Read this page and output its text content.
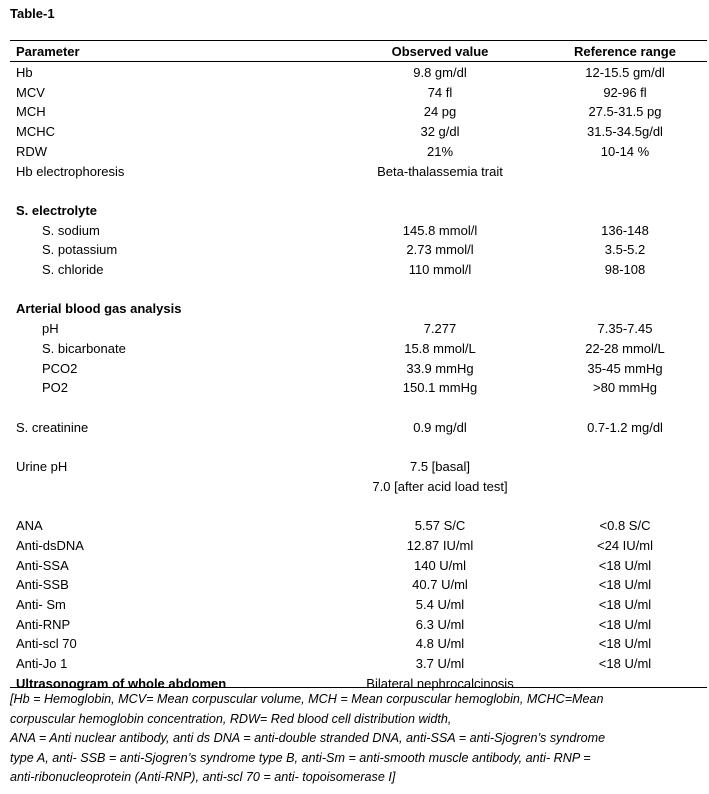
Table-1
Parameter	Observed value	Reference range
Hb	9.8 gm/dl	12-15.5 gm/dl
MCV	74 fl	92-96 fl
MCH	24 pg	27.5-31.5 pg
MCHC	32 g/dl	31.5-34.5g/dl
RDW	21%	10-14 %
Hb electrophoresis	Beta-thalassemia trait
S. electrolyte
S. sodium	145.8 mmol/l	136-148
S. potassium	2.73 mmol/l	3.5-5.2
S. chloride	110 mmol/l	98-108
Arterial blood gas analysis
pH	7.277	7.35-7.45
S. bicarbonate	15.8 mmol/L	22-28 mmol/L
PCO2	33.9 mmHg	35-45 mmHg
PO2	150.1 mmHg	>80 mmHg
S. creatinine	0.9 mg/dl	0.7-1.2 mg/dl
Urine pH	7.5 [basal]
7.0 [after acid load test]
ANA	5.57 S/C	<0.8 S/C
Anti-dsDNA	12.87 IU/ml	<24 IU/ml
Anti-SSA	140 U/ml	<18 U/ml
Anti-SSB	40.7 U/ml	<18 U/ml
Anti- Sm	5.4 U/ml	<18 U/ml
Anti-RNP	6.3 U/ml	<18 U/ml
Anti-scl 70	4.8 U/ml	<18 U/ml
Anti-Jo 1	3.7 U/ml	<18 U/ml
Ultrasonogram of whole abdomen	Bilateral nephrocalcinosis
[Hb = Hemoglobin, MCV= Mean corpuscular volume, MCH = Mean corpuscular hemoglobin, MCHC=Mean
corpuscular hemoglobin concentration, RDW= Red blood cell distribution width,
ANA = Anti nuclear antibody, anti ds DNA = anti-double stranded DNA, anti-SSA = anti-Sjogren’s syndrome
type A, anti- SSB = anti-Sjogren’s syndrome type B, anti-Sm = anti-smooth muscle antibody, anti- RNP =
anti-ribonucleoprotein (Anti-RNP), anti-scl 70 = anti- topoisomerase I]
